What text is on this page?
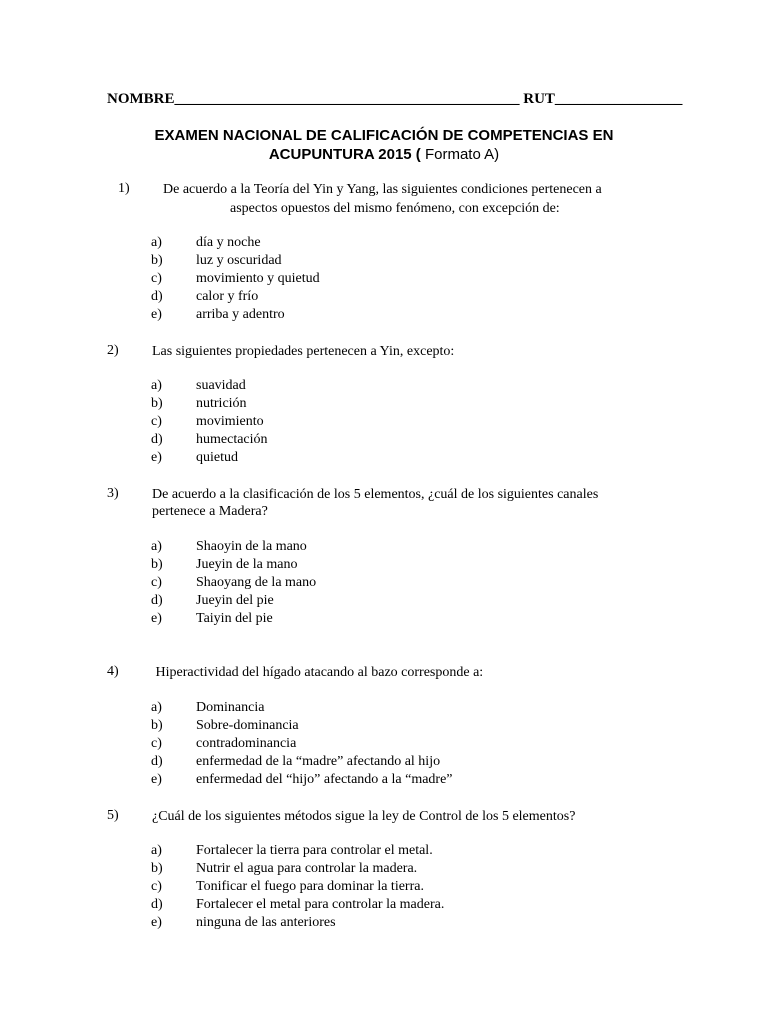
NOMBRE______________________________________________ RUT_________________
EXAMEN NACIONAL DE CALIFICACIÓN DE COMPETENCIAS EN
ACUPUNTURA 2015 ( Formato A)
1) De acuerdo a la Teoría del Yin y Yang, las siguientes condiciones pertenecen a
aspectos opuestos del mismo fenómeno, con excepción de:
a) día y noche
b) luz y oscuridad
c) movimiento y quietud
d) calor y frío
e) arriba y adentro
2) Las siguientes propiedades pertenecen a Yin, excepto:
a) suavidad
b) nutrición
c) movimiento
d) humectación
e) quietud
3) De acuerdo a la clasificación de los 5 elementos, ¿cuál de los siguientes canales
pertenece a Madera?
a) Shaoyin de la mano
b) Jueyin de la mano
c) Shaoyang de la mano
d) Jueyin del pie
e) Taiyin del pie
4) Hiperactividad del hígado atacando al bazo corresponde a:
a) Dominancia
b) Sobre-dominancia
c) contradominancia
d) enfermedad de la “madre” afectando al hijo
e) enfermedad del “hijo” afectando a la “madre”
5) ¿Cuál de los siguientes métodos sigue la ley de Control de los 5 elementos?
a) Fortalecer la tierra para controlar el metal.
b) Nutrir el agua para controlar la madera.
c) Tonificar el fuego para dominar la tierra.
d) Fortalecer el metal para controlar la madera.
e) ninguna de las anteriores
